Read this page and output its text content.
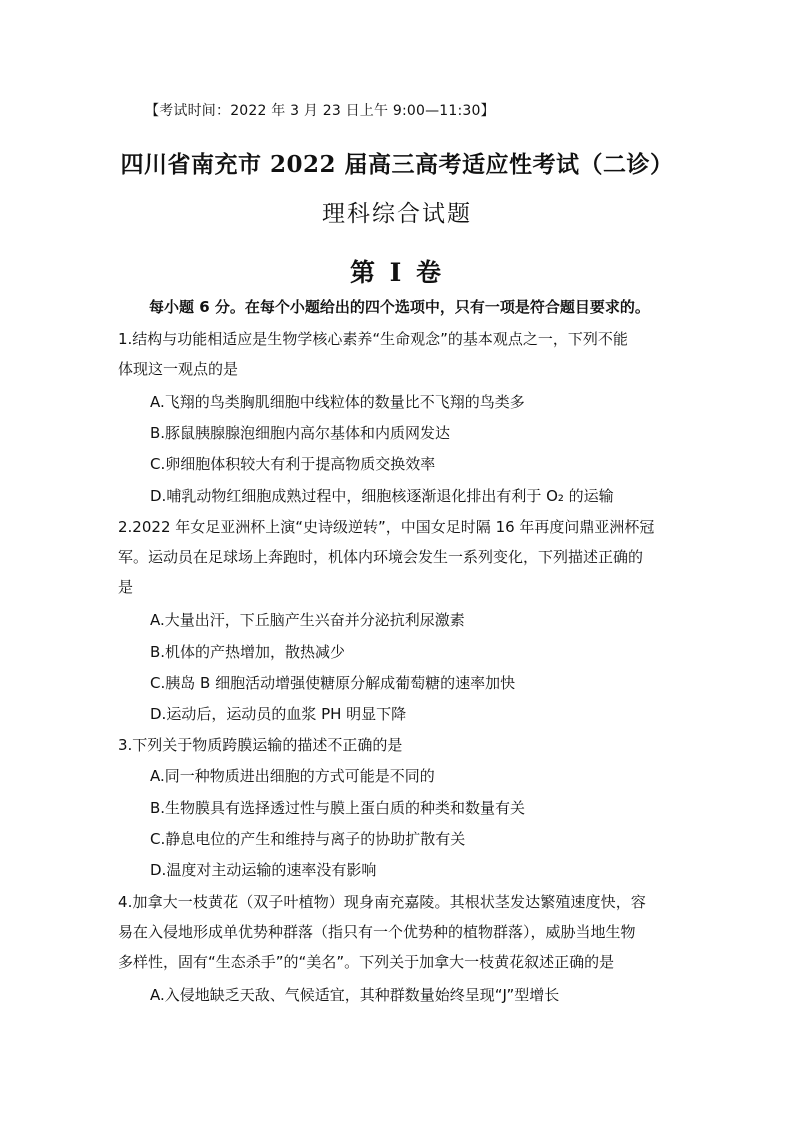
【考试时间：2022 年 3 月 23 日上午 9:00—11:30】
四川省南充市 2022 届高三高考适应性考试（二诊）
理科综合试题
第 I 卷
每小题 6 分。在每个小题给出的四个选项中，只有一项是符合题目要求的。
1.结构与功能相适应是生物学核心素养“生命观念”的基本观点之一，下列不能
体现这一观点的是
A.飞翔的鸟类胸肌细胞中线粒体的数量比不飞翔的鸟类多
B.豚鼠胰腺腺泡细胞内高尔基体和内质网发达
C.卵细胞体积较大有利于提高物质交换效率
D.哺乳动物红细胞成熟过程中，细胞核逐渐退化排出有利于 O₂ 的运输
2.2022 年女足亚洲杯上演“史诗级逆转”，中国女足时隔 16 年再度问鼎亚洲杯冠
军。运动员在足球场上奔跑时，机体内环境会发生一系列变化，下列描述正确的
是
A.大量出汗，下丘脑产生兴奋并分泌抗利尿激素
B.机体的产热增加，散热减少
C.胰岛 B 细胞活动增强使糖原分解成葡萄糖的速率加快
D.运动后，运动员的血浆 PH 明显下降
3.下列关于物质跨膜运输的描述不正确的是
A.同一种物质进出细胞的方式可能是不同的
B.生物膜具有选择透过性与膜上蛋白质的种类和数量有关
C.静息电位的产生和维持与离子的协助扩散有关
D.温度对主动运输的速率没有影响
4.加拿大一枝黄花（双子叶植物）现身南充嘉陵。其根状茎发达繁殖速度快，容
易在入侵地形成单优势种群落（指只有一个优势种的植物群落），威胁当地生物
多样性，固有“生态杀手”的“美名”。下列关于加拿大一枝黄花叙述正确的是
A.入侵地缺乏天敌、气候适宜，其种群数量始终呈现“J”型增长
